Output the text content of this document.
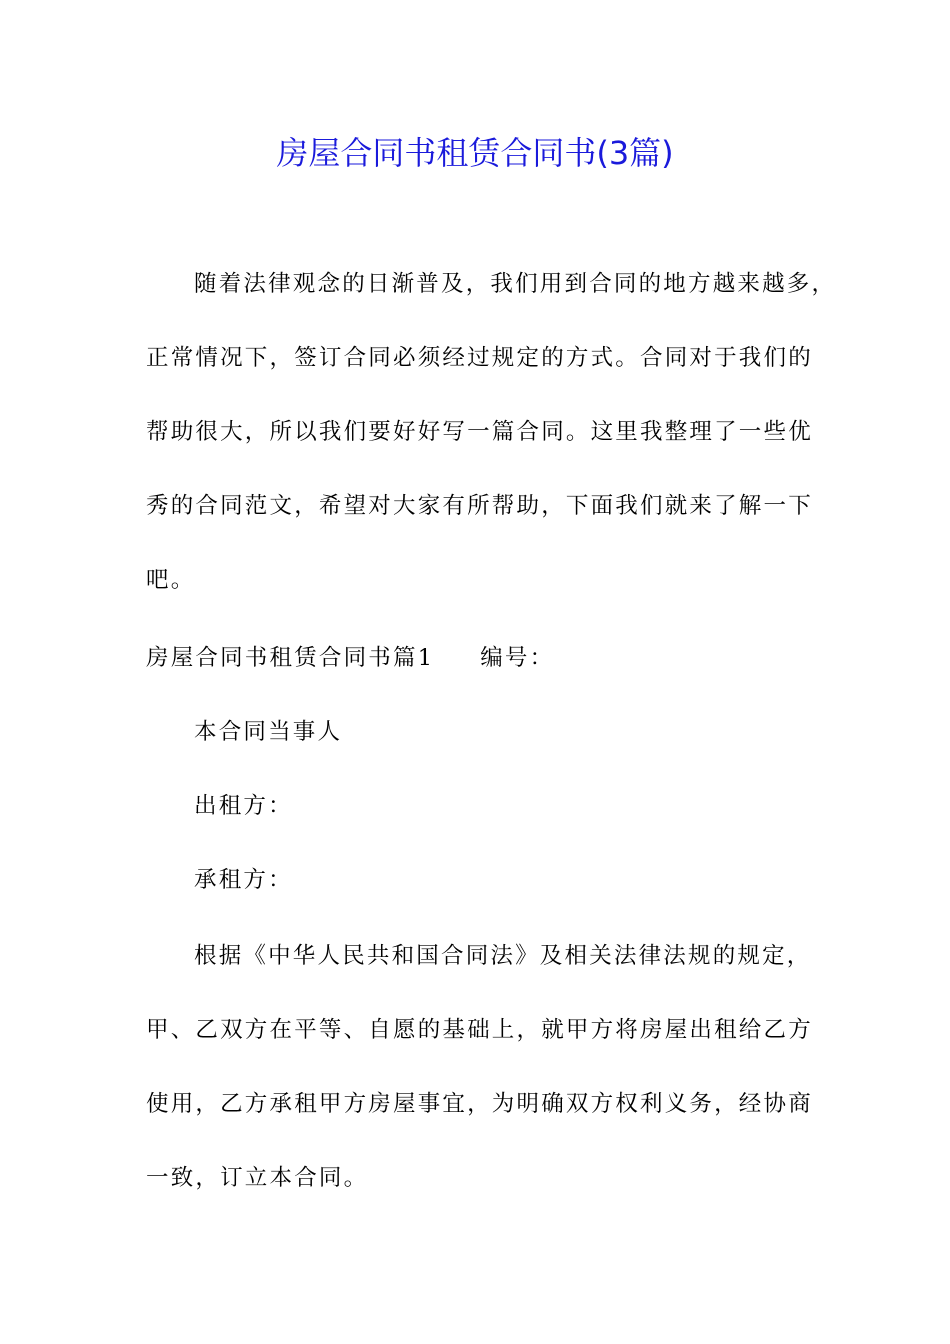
房屋合同书租赁合同书(3篇)
随着法律观念的日渐普及，我们用到合同的地方越来越多，
正常情况下，签订合同必须经过规定的方式。合同对于我们的
帮助很大，所以我们要好好写一篇合同。这里我整理了一些优
秀的合同范文，希望对大家有所帮助，下面我们就来了解一下
吧。

房屋合同书租赁合同书篇1 编号：

本合同当事人

出租方：

承租方：

根据《中华人民共和国合同法》及相关法律法规的规定，
甲、乙双方在平等、自愿的基础上，就甲方将房屋出租给乙方
使用，乙方承租甲方房屋事宜，为明确双方权利义务，经协商
一致，订立本合同。
